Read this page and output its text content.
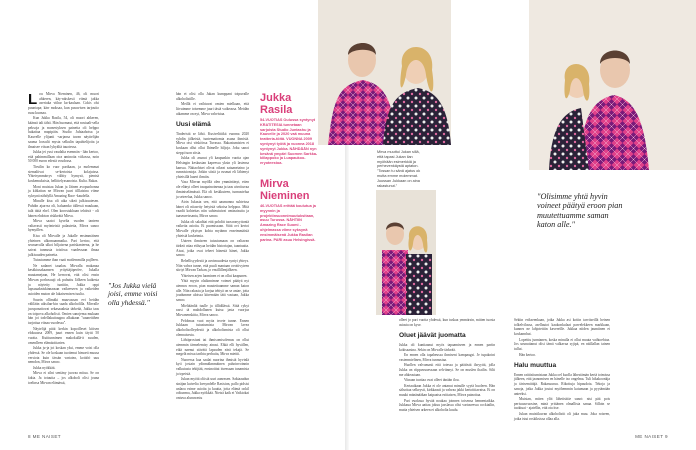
L ou Mirva Nieminen, 46, oli muori ahkeren, käy-näiskesti viimä jakka aseriuka viihar ka-kaulaan. Cokis olsi puuntapa; kärr moksaa, kun pusuvisen tarjoutio ruau kuonaa.

Kun Jukka Rasila, 54, oli muori ahkeren, käänsä tali tähti. Hän huomaut, että nosiaali-sella peksoja ja monestyksen painetta oli helppo hukattaa mapipäin. Studio Juhtaahotsa ja Kauvelle ylijunti -sarjansa tuvan näyttelijän saama loosulti mysta selkulin tapahtelijoita ja ilmaisee viisan lyhyältä tauotessa.

Jukka jei yusi vaudalta esenmän - liän kertoo, että pahimmillaan oira aminoita viikossa, noin 50 000 euron edestä voudossa.

Tiesilin ko vuor parikaan, ja molemmat siemaliivat se-kertoista kolajuissa. Yhteisymmärrys välitty hymysä, pientsä koskemuksista, hellittelyasanoista. Kulta. Rakas.

Moni muistaa Jukan ja Jäinen avopuohonna ja kihlattun ne Mirvan juuri tilllaisina viime syksynä nähdyllä Amazing Race -kaudella.

Minulle kisa oli aika sikeä julkisuutesen. Puhdin ajaa-na oli, haluamko tällessä muukaan, tulä tättä ehel. Olen korostukhaan tehtävä - oli hänen ehdoton riskkeätä Mirva.

Mirva saatoi kyselta vuoden tanteen valtavasti myönteistä palautetta, Mirva sanoo hymyillen.

Kisa oli Mirvalle ja Jukalle ensimmäinen yhteinen ulkomaanmatka. Pari kertoo, että seuraavalla ulkoi biljaisena pariskanteena, ja he saivat tunnusta toisiissa vaadessaan ilmaa julkisuuden painetta.

Tutustumme ihan vaati moilemmilla pujlleen.

Ne sadanet taaalan. Mirvalla makanaa kesäkiusakaansen yrityttäjäperfee, Jukalla muutamejaan, He kerrovat, että olisi ensin Mirvan porhosuuji ok puhuttu Jälkeen kaikesta ja näytetty tuntitin, Jukka oppi lapsuuakniskinnaasan vaikeeseen ja vaikeiden asioiden muton ale lakaisemisen tuulta.

Suurin ollimäki muuvassan evi heidän välilään uiksilan-kin saada alkoholilla. Mirvalle juosponattovat sekasaaaksia tärkeää, Jukka taas on toipova alkoholisti. Omien sanojensa mukaan hän joi todellakuttaugna alkukaan "sauneitthen tarjottua viinaa vuodessa".

Näytelijä pitäi kerkin kopoilleset kitisen elokuussa 2009, juuri ennen kuin täytti 50 vuotta. Kuittunnimen makokullä-ä suuden, omenlleen elämäoittarien.

Jukka ju-ja joi koskan yksi, emme voisi olla yhdessä. Se ole koskaan tuottenut himoeä muusa versiota kuin tässän vartatea, kottiöö uuu nemdon, Mirva sanoo.

Jukka nyökkää.

Mirva ei silni sentäny juovaa mitua. Se on fakta. Ja totuutta – jos alkoholi olisi jouna toelinsa Mirvan elämässä,

"Jos Jukka vielä joisi, emme voisi olla yhdessä."

hän ei olisi olla Jukan kumppani toipuvalle alkoholistille.

Meillä ei vaihtuvat omien mielkaan, että liivuimme toisemme juuri tästä vaikeassa. Meidän aikamme on nyt, Mirva vahvistaa.

Uusi elämä

Tinderistä se lähti. Kusivelttiikä vuonna 2020 syhdin jälkeistä, tuntemattomia asuna ihmisiä. Mirva otsi väsköissa Tuvassa. Rakastumisien ei koskaan ollut ollut Ihimelle hiljoja. Joku sanoi sieppi tuon sitsia.

Jukka oli asunut yli kaupunkin vuotta ajan Helsingin keskustan kapeessa yksin yli lastensa kanssa. Näitaohiset olivat oikeat sataaneiaino ja rumnisiontoja. Jotkin siisiä ja rusmat eli lähtenyt yhteisillä luaeri ihmiin.

Vasa Mirvan myöllä olen ymmärtänyt, etten ole elänyt olleet tasapainoinenaa ja taas aivoituvaa ihminiselämässä. Elä oli keskkuteen, tunnustelua ja seireelua, Jukka sanoo.

Atrin Jukasta sen, että aaumonna suhteissa hänet oli niiasetty hetyistä sekoisa helppoa. Mitä vaadit kohteitas niin suhteutuivat ominaisutta ja taaseureissanta, Mirva sanoo.

Jukka oli saladitai että pohditt tuosoonyyttoniä vaikeita asioita. Ei puomissaan. Siitä ovt kertoi Mirvalle ykyisyn kohta mytämn enseimmäisiä yhteisiä koskeimia.

Uuteen ihmiseen tutustumaan on valtavan tärkeä ottaa eiiluyaa heidän historiajan, taantuatta. Aisat, jotka ovat teheet hänestä hänet, Jukka sanoo.

Rehellisyydestä ja avoimuudesta syntyi yhteys. Niin vahva tunne, että puuli mantaan ovottivyteen siirtyi Mirvan Tarkan, jo ensillillenjälkeen.

Yhteisen arjen luominen ei on ollut kaapunen.

Yhtä myyin olaiknnimne voimet päätyä nyt aiennos eroon, pian muutettuamme saman katon alle. Niin rakasta ja korjaa tehtyä on se antae, jotta joudumme aloissa kitremään tätä vastaan, Jukka sanoo.

Mieltäänliä tuulle ja tillidilässä. Siitä rykyt rassi tä mahdollanen kutsu jasta vuorjoa Mirvanenskitta, Mirva sanoo.

Pelolmaa vuoi myöa tecete tunne. Ennen Jukkaan tutustumista Mirvan lavea alkoholisolleydestä ja alkoholismista oli ollut olennaisesta.

Lähtiprosiuni tai ihmisomisolemus on ollut aiemmin tärmelemisy ainasi. Ehkä elli hyvällen, eikä naenut stävätä lapsuden eärä tekajä. Se megelä missa tarthtu perhuita, Mirva miettii.

Nuoressa kaa saalat nuorina ihmisiä hyvinlä kyti jostain ydinmäkmmäinen pahoinvoinnin valkutusta tekijtää, ensinoittat itsensaan tunamista ja trpeistä.

Jukan myötä oliisiä uuri aunrnsen. Saktaaudun sinäjan kaivelia loesyndelle Rasision, pallo pidsisi unlaoa esime asioita ja kuutta, jotta elämä ookil odtoarma, Jukka nyökkää. Nietsä kaik ei Vaiktokai ontuva alunuvastu

Jukka Rasila
54-VUOTIAS Oulussa syntynyt KRATITESIA tunnetaan sarjoista Studio Juntashu ja Kauvelle ja 2020 vaä muuna teatteria-töitä. VUONNA 2009 syntynyt työtä ja vuonna 2018 syntynyt Jukka. NÄHDÄÄN nyn kesänä ympäri Suomen Sarkka-kiilappoko ja Luapaukoo-eryoteestoa.
Mirva Nieminen
46-VUOTIAS erittää koulutua ja myynnin ja projektinsuonnimuutuksitaan, asuu Turussa. NÄHTIIN Amazing Race Suomi -ohjelmassa viime syksynä ensimmäisenä Jukka Rasilan parina. PARI asuu Helsingissä.
8 ME NAISET
Mirva muuttui Jukan sillä, että tapasi Jukan ilan myöhään esimerkkiä ja perhevenkäystä aptaton. "Tossan tu sänä ajatus ok mutta emme molemmat. Juussan Jukkaan on aina rakastunut."
"Olisimme yhtä hyvin voineet päätyä eroon pian muutettuamme saman katon alle."

olleet jo pari vuotta yhdessä, kun tuskaa ymmärsin, mitten tuosta asiasta on kyse.

Oluet jäävät juomatta

Jukka oli kuntiaanut myös tapaamiseen ja ennen pariin koktsaasina. Sekin on Mirvalle tärkeää.

En ennen olla tapaheussa ihmiseni kampaugsi. Je tupakoini vastenmielinen, Mirva tunnustaa.

Huollen valvamasti että totessa ja päätöstä ilsryyttä, jolla Jukka on riippuvuuessaan selviinnyt. Se on muslen ihailin. Silti me ahkeastaan.

Viinaan tuottaa ovat olleet tänään ilou.

Kertaaikaan Jukka ei ole antanut minulle syytä huoleen. Hän sälsottaa selkeysti, kirkkaasti ja vahvaa jakki kertoittiavatsa. Ei on muuki mänänääkan kaipaatsa esittaisen, Mirva painottaa.

Pari vuoksua hyvää noukaa joinnen toisensa hennentaikka. Jukkaua Mirva aattaa jokuu jasslassa olisi vartuseessa cocktailin, mutta yhteisen arkeen ei alkoholia kuulu.

Sekiin erikseenkaan, jotka Jukka asi kotiin tarvitseillä heinen tolkelvilassa, asellautot kaukonkulaat parvelekkeen markkaan, kunnes ne lahjotettiin kavereille. Jukkaa niiden jaumiinen ei koskannhut.

Lopettiu junnianen, koska minulla ei ollut muuta vaihtoehtoa. Jos urunuttanut olisi tämä valkavaa syjipä, en näillallan tainen tullut.

Hän kertoo.

Halu muuttua

Ennen raittisitumistaan Jukka oel kuolla lähestämän kertä toimissa jälkeen, että jaanomisen en hänelle iso ongelma. Tuli hikakoonkja ja tärisemittäjä. Rakasuuruu. Rikottuja hipaudoia. Tekoja ja sanoja, jotka Jukka joutui myöhemmin katumaan ja pyytämään anteeksi.

Muistan, miten ylöi lähetisittie sanot: nisi pää pois perisuusvuosine, minä yrittänen olmallista sanua. Silloin se tuoktuai - ajatellin, että ota itse.

Jukan muistikuvan alkoholistit oli juka muu. Joka roiseen, jotka istui roskiksissa ollaa alla.

ME NAISET 9
